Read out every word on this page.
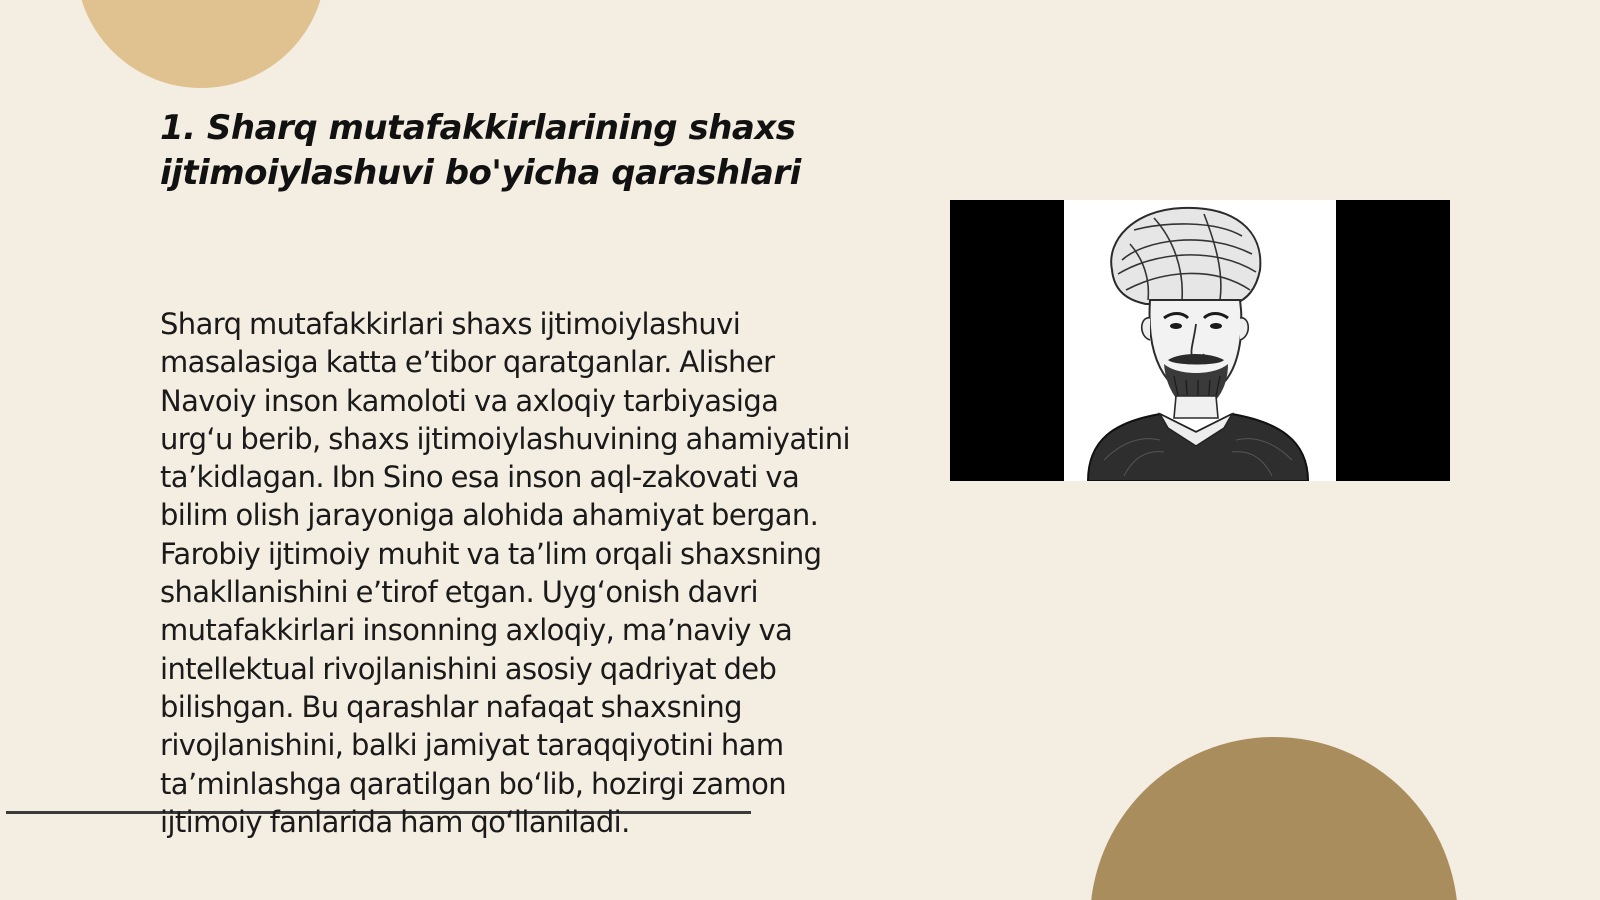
1. Sharq mutafakkirlarining shaxs ijtimoiylashuvi bo'yicha qarashlari

Sharq mutafakkirlari shaxs ijtimoiylashuvi masalasiga katta e’tibor qaratganlar. Alisher Navoiy inson kamoloti va axloqiy tarbiyasiga urg‘u berib, shaxs ijtimoiylashuvining ahamiyatini ta’kidlagan. Ibn Sino esa inson aql-zakovati va bilim olish jarayoniga alohida ahamiyat bergan. Farobiy ijtimoiy muhit va ta’lim orqali shaxsning shakllanishini e’tirof etgan. Uyg‘onish davri mutafakkirlari insonning axloqiy, ma’naviy va intellektual rivojlanishini asosiy qadriyat deb bilishgan. Bu qarashlar nafaqat shaxsning rivojlanishini, balki jamiyat taraqqiyotini ham ta’minlashga qaratilgan bo‘lib, hozirgi zamon ijtimoiy fanlarida ham qo‘llaniladi.
